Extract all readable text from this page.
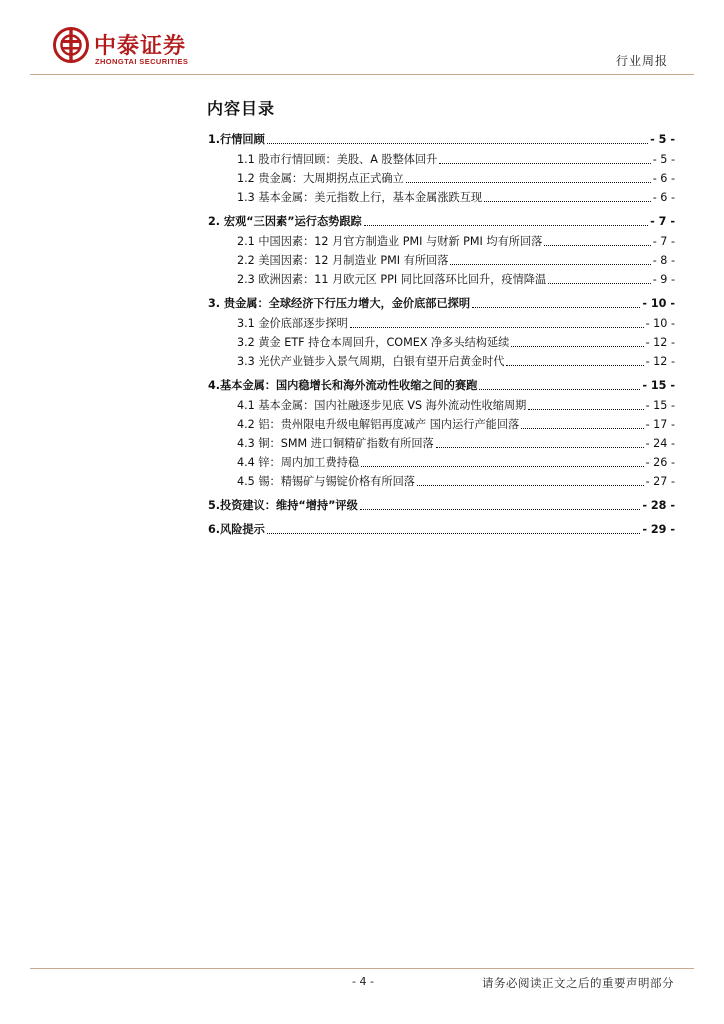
中泰证券
ZHONGTAI SECURITIES	行业周报
内容目录
1.行情回顾	- 5 -
1.1 股市行情回顾：美股、A 股整体回升	- 5 -
1.2 贵金属：大周期拐点正式确立	- 6 -
1.3 基本金属：美元指数上行，基本金属涨跌互现	- 6 -
2. 宏观“三因素”运行态势跟踪	- 7 -
2.1 中国因素：12 月官方制造业 PMI 与财新 PMI 均有所回落	- 7 -
2.2 美国因素：12 月制造业 PMI 有所回落	- 8 -
2.3 欧洲因素：11 月欧元区 PPI 同比回落环比回升，疫情降温	- 9 -
3. 贵金属：全球经济下行压力增大，金价底部已探明	- 10 -
3.1 金价底部逐步探明	- 10 -
3.2 黄金 ETF 持仓本周回升，COMEX 净多头结构延续	- 12 -
3.3 光伏产业链步入景气周期，白银有望开启黄金时代	- 12 -
4.基本金属：国内稳增长和海外流动性收缩之间的赛跑	- 15 -
4.1 基本金属：国内社融逐步见底 VS 海外流动性收缩周期	- 15 -
4.2 铝：贵州限电升级电解铝再度减产 国内运行产能回落	- 17 -
4.3 铜：SMM 进口铜精矿指数有所回落	- 24 -
4.4 锌：周内加工费持稳	- 26 -
4.5 锡：精锡矿与锡锭价格有所回落	- 27 -
5.投资建议：维持“增持”评级	- 28 -
6.风险提示	- 29 -
- 4 -	请务必阅读正文之后的重要声明部分
